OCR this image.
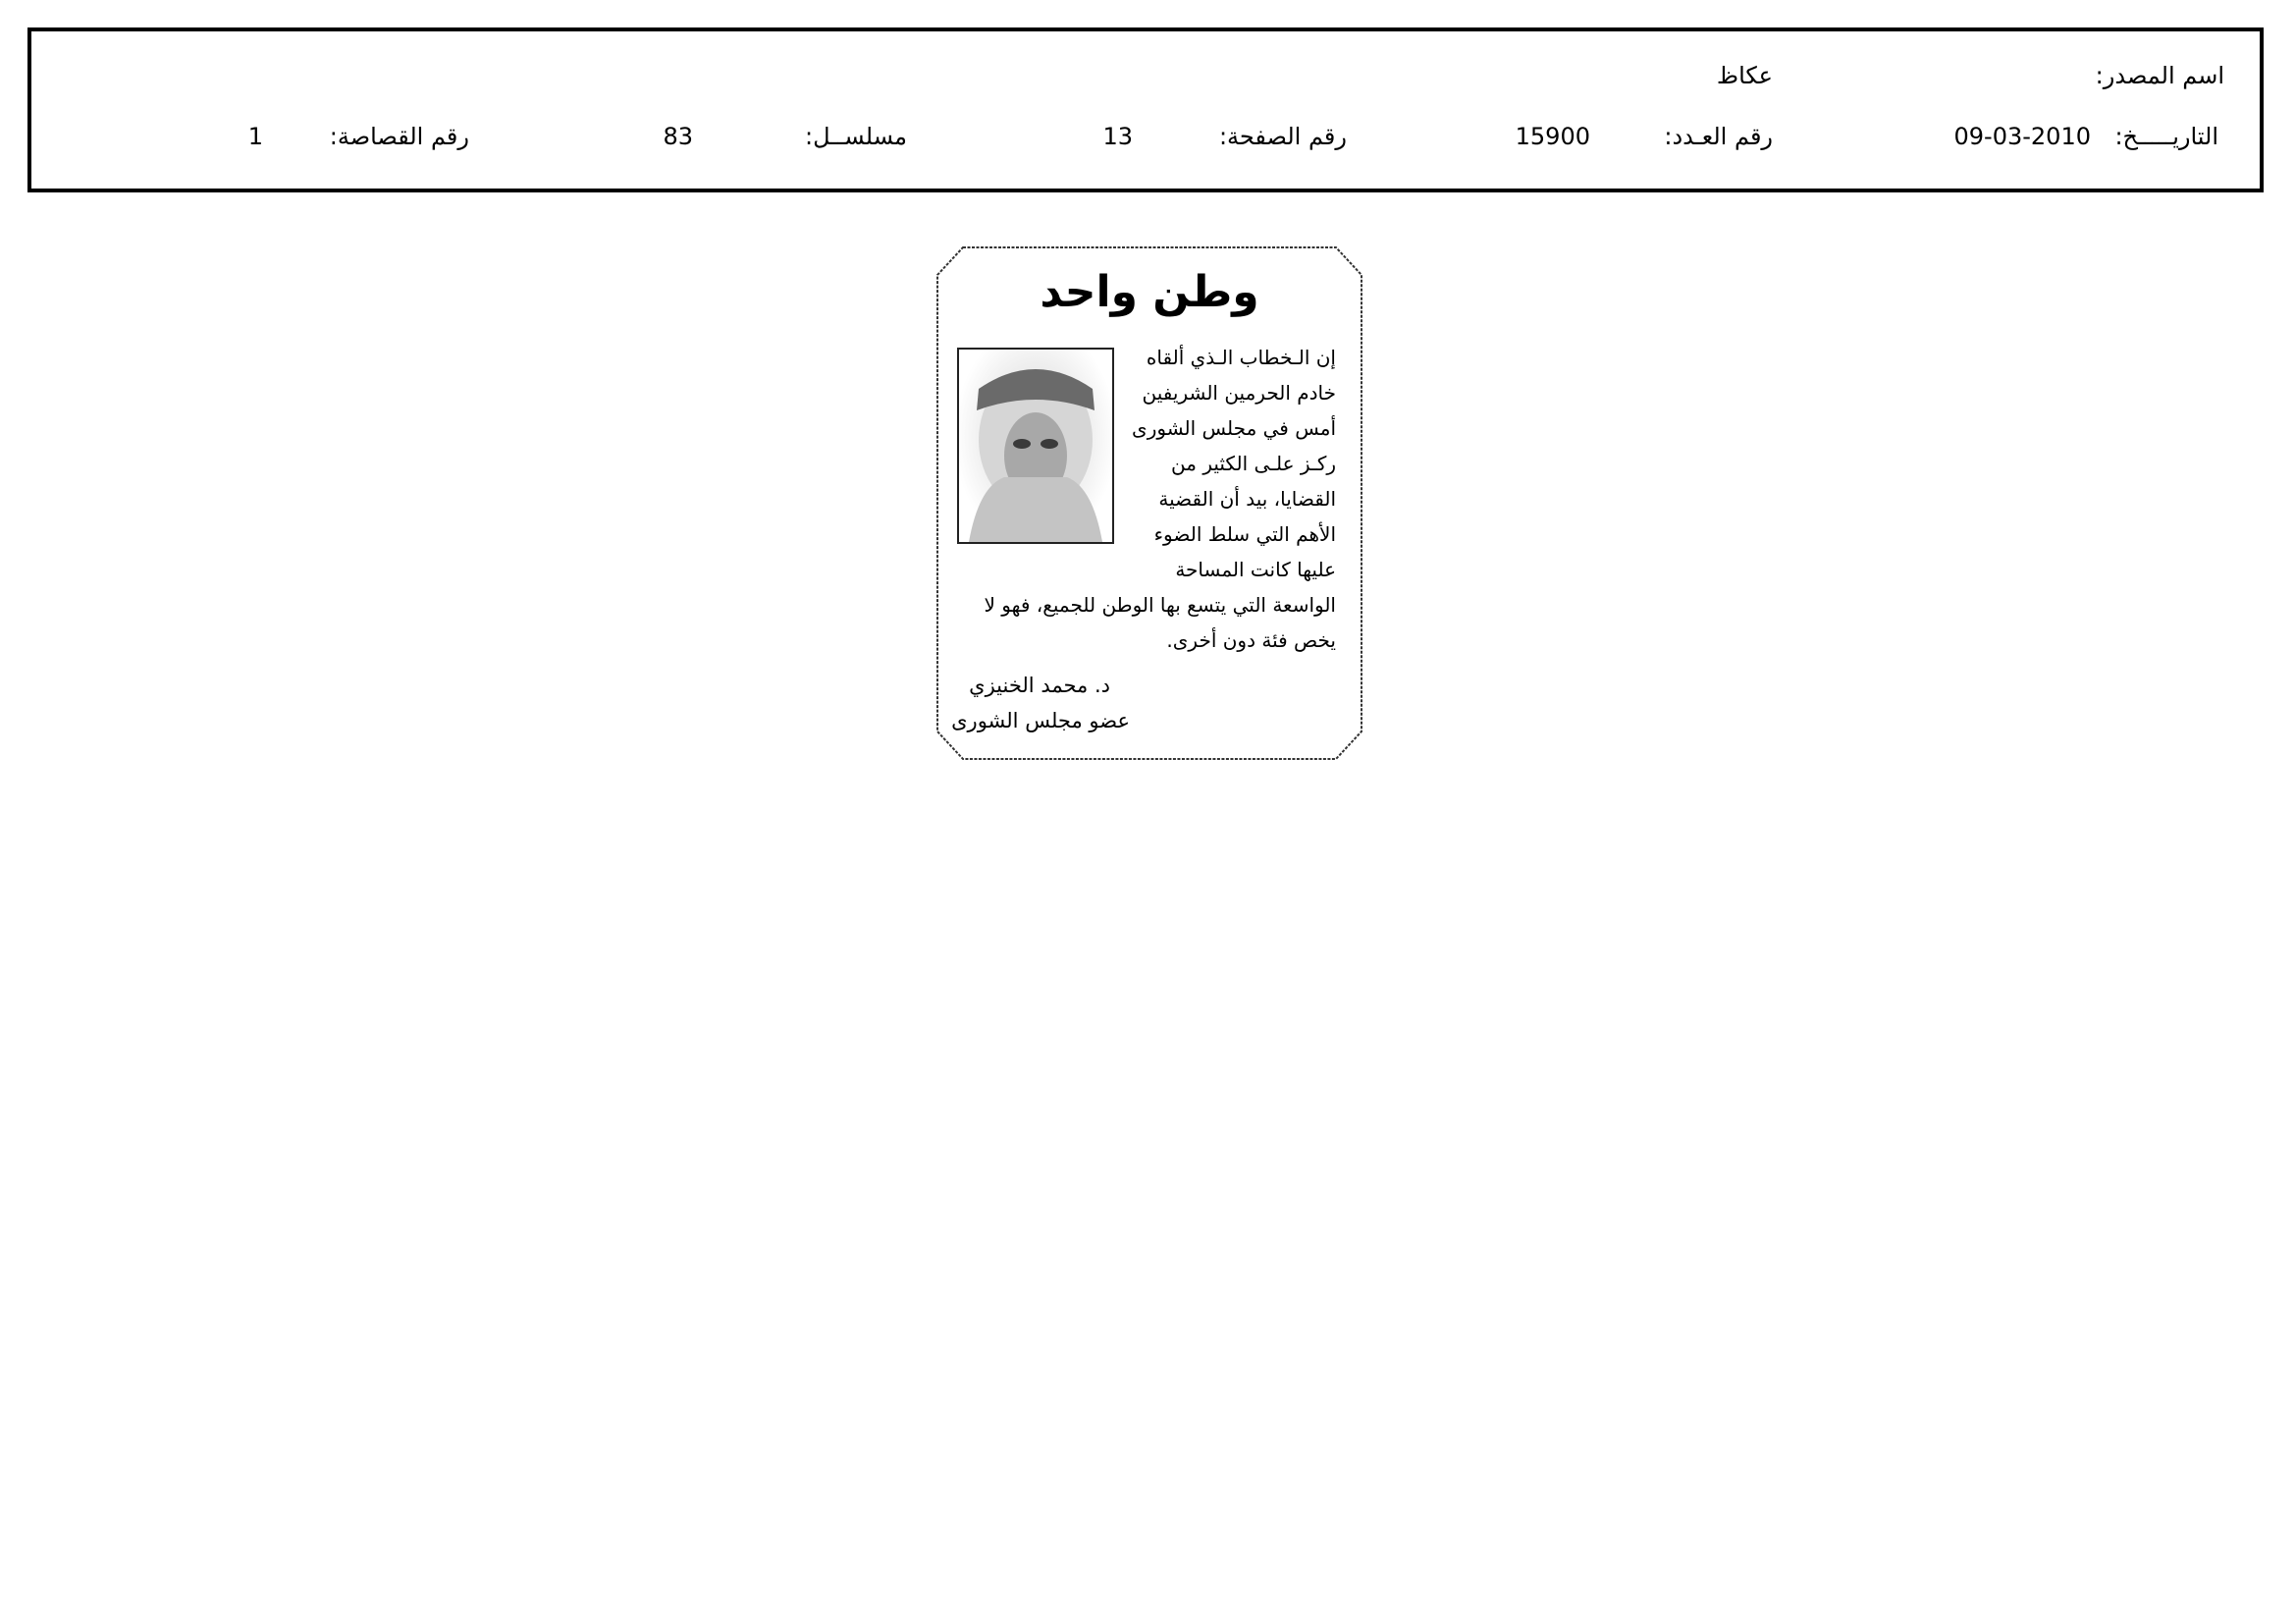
اسم المصدر:
عكاظ
التاريـــــخ:
09-03-2010
رقم العـدد:
15900
رقم الصفحة:
13
مسلســل:
83
رقم القصاصة:
1
وطن واحد
إن الـخطاب الـذي ألقاه
خادم الحرمين الشريفين
أمس في مجلس الشورى
ركـز علـى الكثير من
القضايا، بيد أن القضية
الأهم التي سلط الضوء
عليها كانت المساحة
الواسعة التي يتسع بها الوطن للجميع، فهو لا
يخص فئة دون أخرى.
د. محمد الخنيزي
عضو مجلس الشورى
